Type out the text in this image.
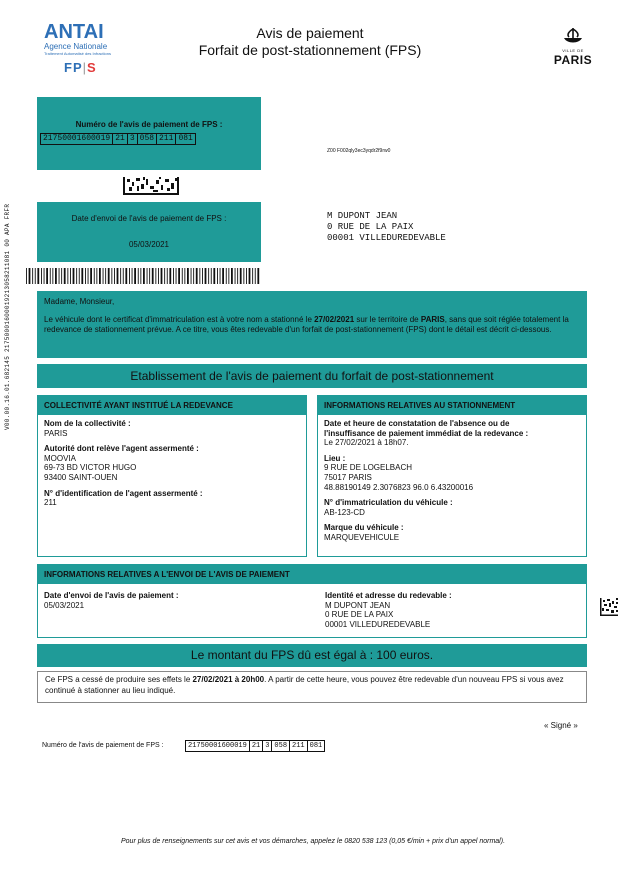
ANTAI
Agence Nationale
Traitement Automatisé des Infractions
FP|S
Avis de paiement
Forfait de post-stationnement (FPS)	VILLE DE
PARIS
V00.00.16.01.682145 21750001600019213058211081 00 APA FRFR
Numéro de l'avis de paiement de FPS :
21750001600019 21 3 058 211 081
Z00 F002qly3ec3yqdr2f9rw0
Date d'envoi de l'avis de paiement de FPS :
05/03/2021
M DUPONT JEAN
0 RUE DE LA PAIX
00001 VILLEDUREDEVABLE

Madame, Monsieur,

Le véhicule dont le certificat d'immatriculation est à votre nom a stationné le 27/02/2021 sur le territoire de PARIS, sans que soit réglée totalement la redevance de stationnement prévue. A ce titre, vous êtes redevable d'un forfait de post-stationnement (FPS) dont le détail est décrit ci-dessous.

Etablissement de l'avis de paiement du forfait de post-stationnement
COLLECTIVITÉ AYANT INSTITUÉ LA REDEVANCE
Nom de la collectivité :
PARIS
Autorité dont relève l'agent assermenté :
MOOVIA
69-73 BD VICTOR HUGO
93400 SAINT-OUEN
N° d'identification de l'agent assermenté :
211
INFORMATIONS RELATIVES AU STATIONNEMENT
Date et heure de constatation de l'absence ou de
l'insuffisance de paiement immédiat de la redevance :
Le 27/02/2021 à 18h07.
Lieu :
9 RUE DE LOGELBACH
75017 PARIS
48.88190149 2.3076823 96.0 6.43200016
N° d'immatriculation du véhicule :
AB-123-CD
Marque du véhicule :
MARQUEVEHICULE
INFORMATIONS RELATIVES A L'ENVOI DE L'AVIS DE PAIEMENT
Date d'envoi de l'avis de paiement :
05/03/2021
Identité et adresse du redevable :
M DUPONT JEAN
0 RUE DE LA PAIX
00001 VILLEDUREDEVABLE
Le montant du FPS dû est égal à : 100 euros.
Ce FPS a cessé de produire ses effets le 27/02/2021 à 20h00. A partir de cette heure, vous pouvez être redevable d'un nouveau FPS si vous avez continué à stationner au lieu indiqué.
« Signé »
Numéro de l'avis de paiement de FPS :	21750001600019 21 3 058 211 081
Pour plus de renseignements sur cet avis et vos démarches, appelez le 0820 538 123 (0,05 €/min + prix d'un appel normal).
